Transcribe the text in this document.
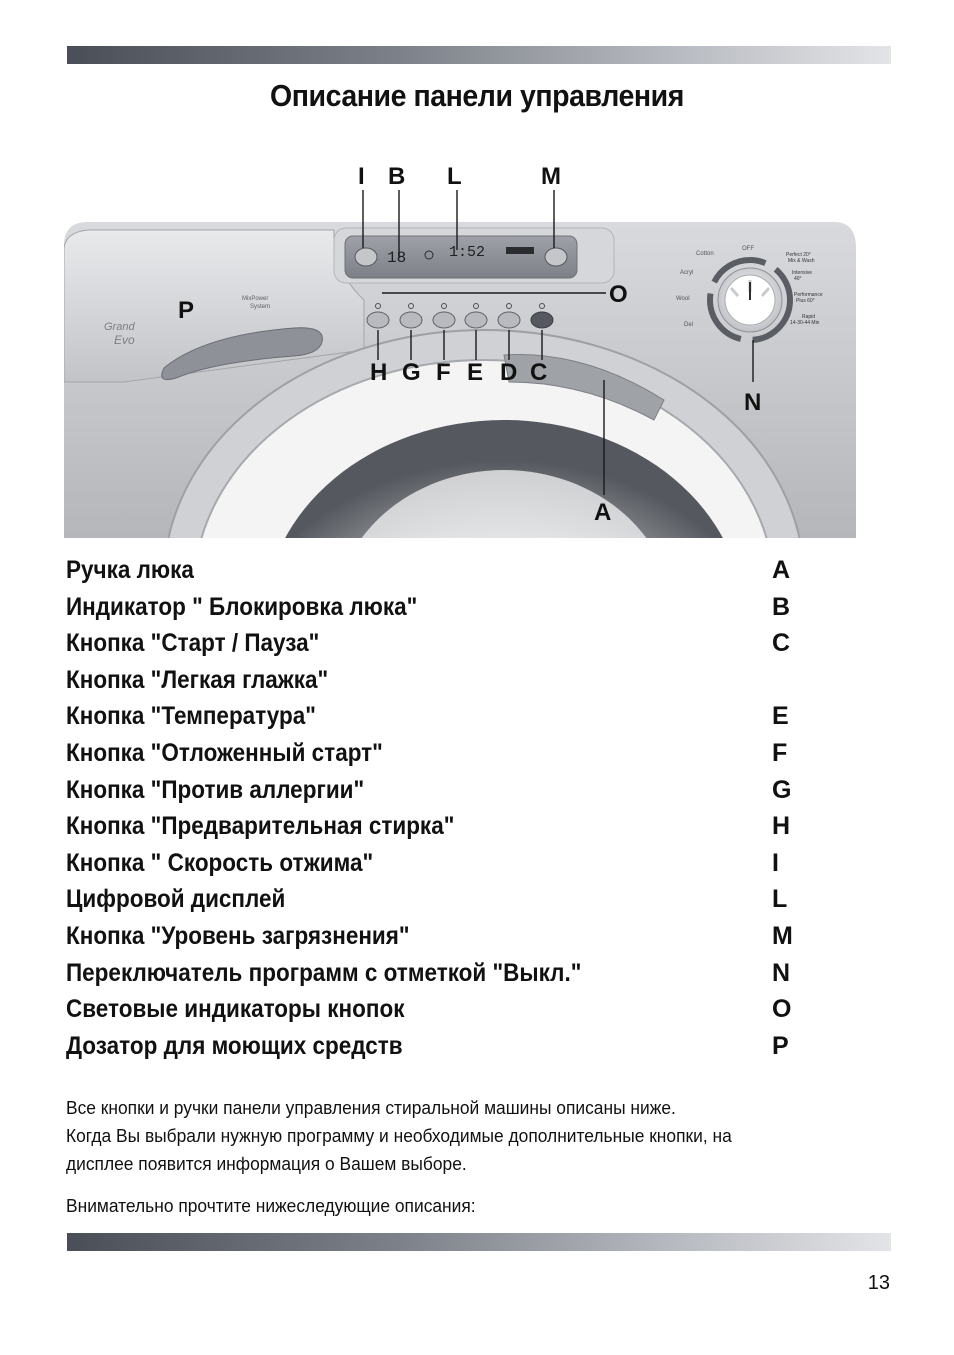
Описание панели управления
18	1:52
Grand
Evo
MixPower
System
OFF
Cotton
Acryl
Wool
Del
Perfect 20°
Mix & Wash
Intensive
40°
Performance
Plus 60°
Rapid
14-30-44 Min
I B L	M
O
P
H G F E D C
N
A
Ручка люка	A
Индикатор " Блокировка люка"	B
Кнопка "Старт / Пауза"	C
Кнопка "Легкая глажка"
Кнопка "Температура"	E
Кнопка "Отложенный старт"	F
Кнопка "Против аллергии"	G
Кнопка "Предварительная стирка"	H
Кнопка " Скорость отжима"	I
Цифровой дисплей	L
Кнопка "Уровень загрязнения"	M
Переключатель программ с отметкой "Выкл."	N
Световые индикаторы кнопок	O
Дозатор для моющих средств	P

Все кнопки и ручки панели управления стиральной машины описаны ниже.

Когда Вы выбрали нужную программу и необходимые дополнительные кнопки, на

дисплее появится информация о Вашем выборе.

Внимательно прочтите нижеследующие описания:

13
